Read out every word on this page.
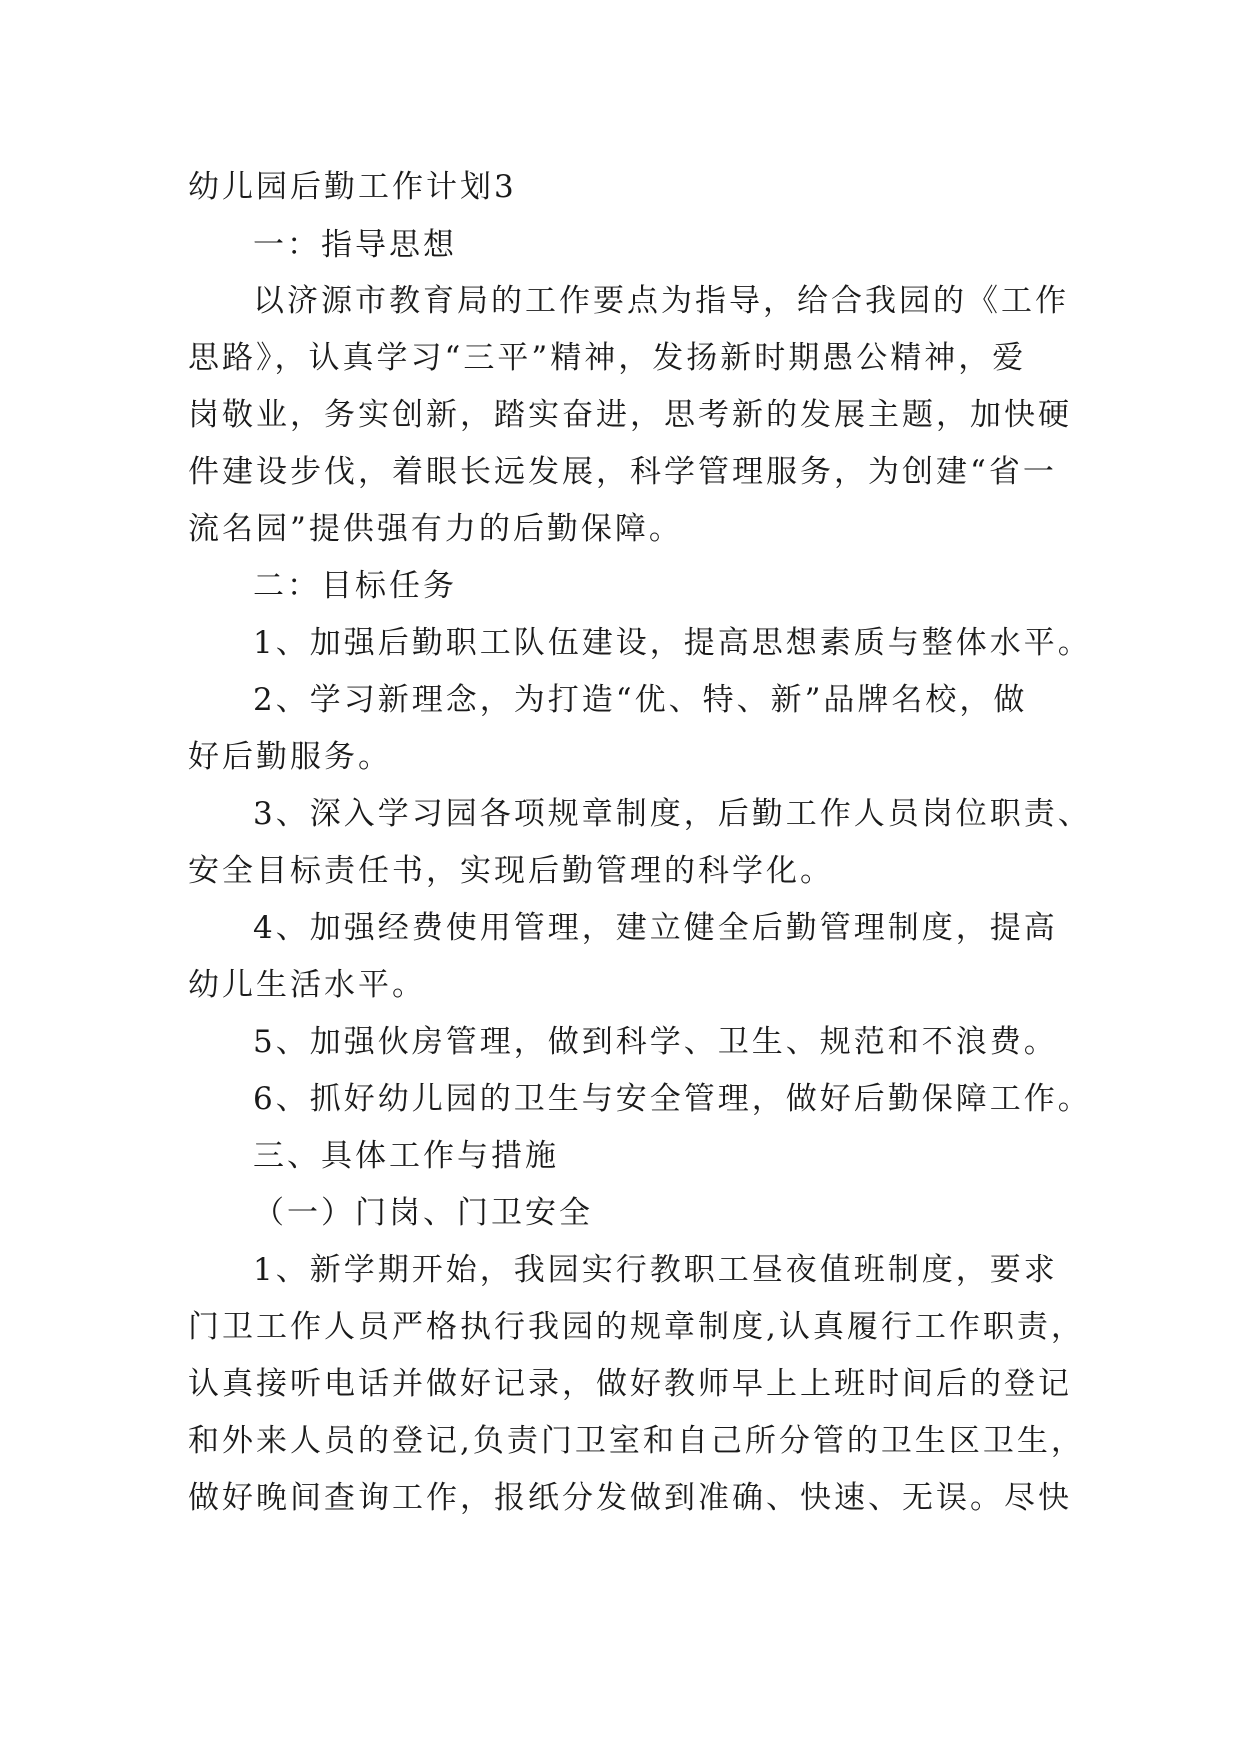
幼儿园后勤工作计划3
一：指导思想
以济源市教育局的工作要点为指导，给合我园的《工作
思路》，认真学习“三平”精神，发扬新时期愚公精神，爱
岗敬业，务实创新，踏实奋进，思考新的发展主题，加快硬
件建设步伐，着眼长远发展，科学管理服务，为创建“省一
流名园”提供强有力的后勤保障。
二：目标任务
1、加强后勤职工队伍建设，提高思想素质与整体水平。
2、学习新理念，为打造“优、特、新”品牌名校，做
好后勤服务。
3、深入学习园各项规章制度，后勤工作人员岗位职责、
安全目标责任书，实现后勤管理的科学化。
4、加强经费使用管理，建立健全后勤管理制度，提高
幼儿生活水平。
5、加强伙房管理，做到科学、卫生、规范和不浪费。
6、抓好幼儿园的卫生与安全管理，做好后勤保障工作。
三、具体工作与措施
（一）门岗、门卫安全
1、新学期开始，我园实行教职工昼夜值班制度，要求
门卫工作人员严格执行我园的规章制度,认真履行工作职责，
认真接听电话并做好记录，做好教师早上上班时间后的登记
和外来人员的登记,负责门卫室和自己所分管的卫生区卫生，
做好晚间查询工作，报纸分发做到准确、快速、无误。尽快
